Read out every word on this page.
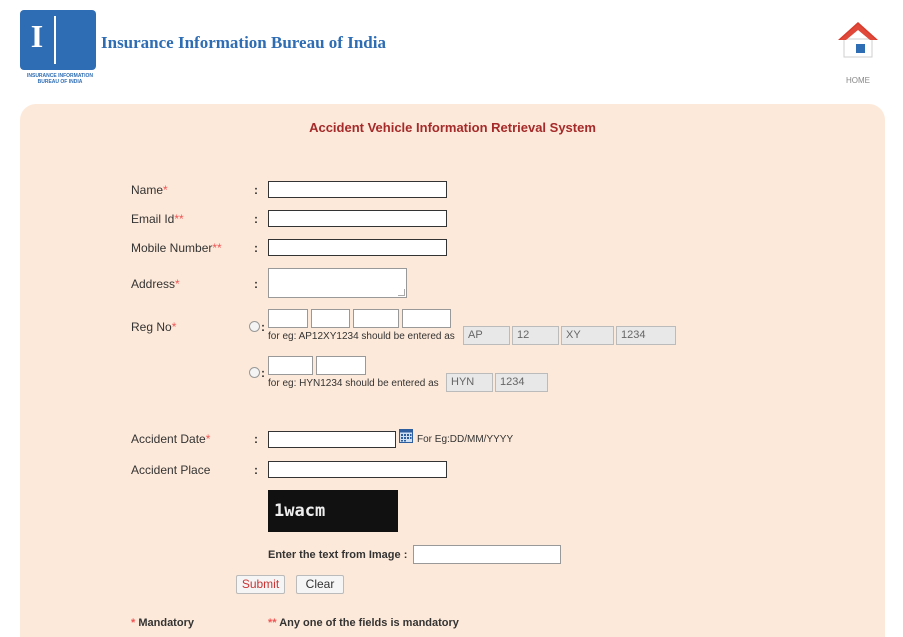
I
INSURANCE INFORMATION
BUREAU OF INDIA
Insurance Information Bureau of India
HOME
Accident Vehicle Information Retrieval System
Name*	:
Email Id**	:
Mobile Number**	:
Address*	:
Reg No*	:
for eg: AP12XY1234 should be entered as	AP	12	XY	1234
:
for eg: HYN1234 should be entered as	HYN	1234
Accident Date*	:	For Eg:DD/MM/YYYY
Accident Place	:
1wacm
Enter the text from Image :
Submit	Clear
* Mandatory	** Any one of the fields is mandatory
